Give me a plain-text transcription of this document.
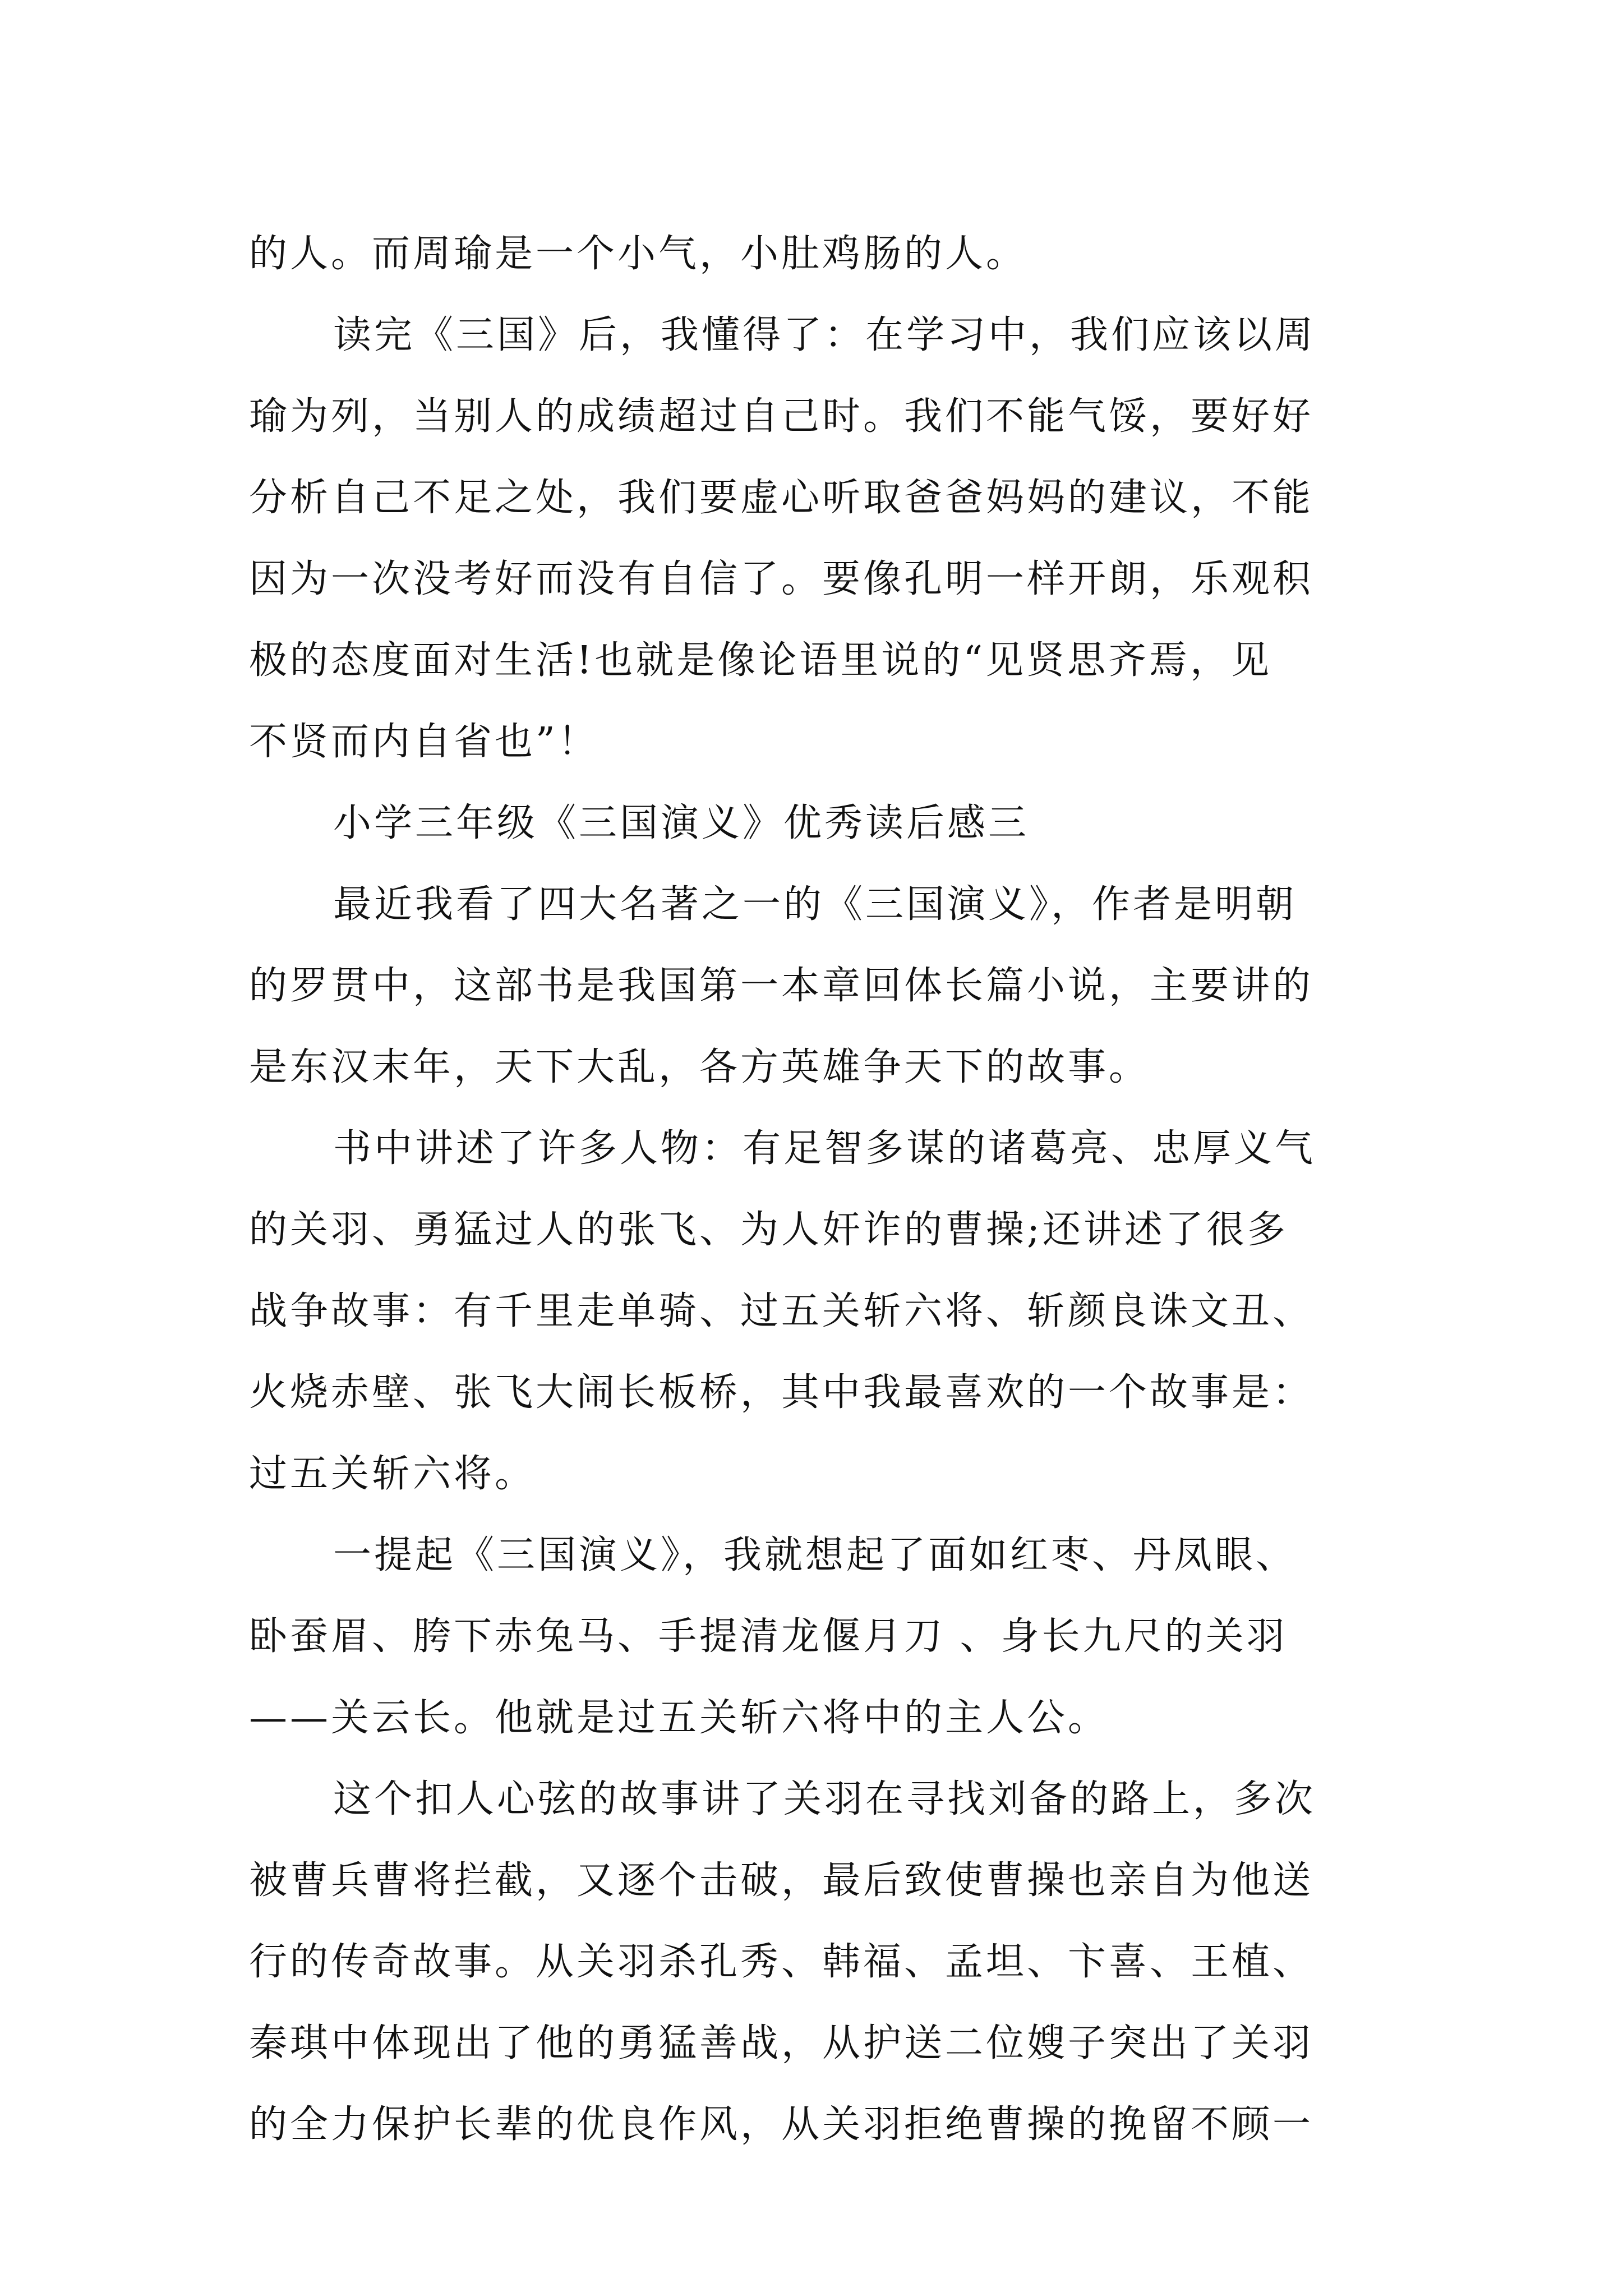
的人。而周瑜是一个小气，小肚鸡肠的人。
读完《三国》后，我懂得了：在学习中，我们应该以周
瑜为列，当别人的成绩超过自己时。我们不能气馁，要好好
分析自己不足之处，我们要虚心听取爸爸妈妈的建议，不能
因为一次没考好而没有自信了。要像孔明一样开朗，乐观积
极的态度面对生活!也就是像论语里说的“见贤思齐焉，见
不贤而内自省也”！
小学三年级《三国演义》优秀读后感三
最近我看了四大名著之一的《三国演义》，作者是明朝
的罗贯中，这部书是我国第一本章回体长篇小说，主要讲的
是东汉末年，天下大乱，各方英雄争天下的故事。
书中讲述了许多人物：有足智多谋的诸葛亮、忠厚义气
的关羽、勇猛过人的张飞、为人奸诈的曹操;还讲述了很多
战争故事：有千里走单骑、过五关斩六将、斩颜良诛文丑、
火烧赤壁、张飞大闹长板桥，其中我最喜欢的一个故事是：
过五关斩六将。
一提起《三国演义》，我就想起了面如红枣、丹凤眼、
卧蚕眉、胯下赤兔马、手提清龙偃月刀 、身长九尺的关羽
——关云长。他就是过五关斩六将中的主人公。
这个扣人心弦的故事讲了关羽在寻找刘备的路上，多次
被曹兵曹将拦截，又逐个击破，最后致使曹操也亲自为他送
行的传奇故事。从关羽杀孔秀、韩福、孟坦、卞喜、王植、
秦琪中体现出了他的勇猛善战，从护送二位嫂子突出了关羽
的全力保护长辈的优良作风，从关羽拒绝曹操的挽留不顾一
